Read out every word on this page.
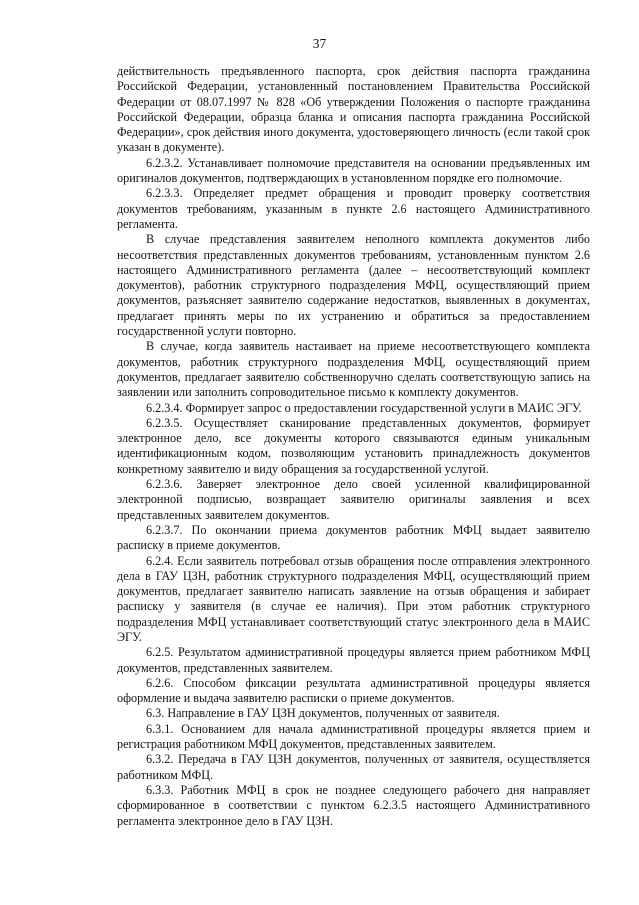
37

действительность предъявленного паспорта, срок действия паспорта гражданина Российской Федерации, установленный постановлением Правительства Российской Федерации от 08.07.1997 № 828 «Об утверждении Положения о паспорте гражданина Российской Федерации, образца бланка и описания паспорта гражданина Российской Федерации», срок действия иного документа, удостоверяющего личность (если такой срок указан в документе).

6.2.3.2. Устанавливает полномочие представителя на основании предъявленных им оригиналов документов, подтверждающих в установленном порядке его полномочие.

6.2.3.3. Определяет предмет обращения и проводит проверку соответствия документов требованиям, указанным в пункте 2.6 настоящего Административного регламента.

В случае представления заявителем неполного комплекта документов либо несоответствия представленных документов требованиям, установленным пунктом 2.6 настоящего Административного регламента (далее – несоответствующий комплект документов), работник структурного подразделения МФЦ, осуществляющий прием документов, разъясняет заявителю содержание недостатков, выявленных в документах, предлагает принять меры по их устранению и обратиться за предоставлением государственной услуги повторно.

В случае, когда заявитель настаивает на приеме несоответствующего комплекта документов, работник структурного подразделения МФЦ, осуществляющий прием документов, предлагает заявителю собственноручно сделать соответствующую запись на заявлении или заполнить сопроводительное письмо к комплекту документов.

6.2.3.4. Формирует запрос о предоставлении государственной услуги в МАИС ЭГУ.

6.2.3.5. Осуществляет сканирование представленных документов, формирует электронное дело, все документы которого связываются единым уникальным идентификационным кодом, позволяющим установить принадлежность документов конкретному заявителю и виду обращения за государственной услугой.

6.2.3.6. Заверяет электронное дело своей усиленной квалифицированной электронной подписью, возвращает заявителю оригиналы заявления и всех представленных заявителем документов.

6.2.3.7. По окончании приема документов работник МФЦ выдает заявителю расписку в приеме документов.

6.2.4. Если заявитель потребовал отзыв обращения после отправления электронного дела в ГАУ ЦЗН, работник структурного подразделения МФЦ, осуществляющий прием документов, предлагает заявителю написать заявление на отзыв обращения и забирает расписку у заявителя (в случае ее наличия). При этом работник структурного подразделения МФЦ устанавливает соответствующий статус электронного дела в МАИС ЭГУ.

6.2.5. Результатом административной процедуры является прием работником МФЦ документов, представленных заявителем.

6.2.6. Способом фиксации результата административной процедуры является оформление и выдача заявителю расписки о приеме документов.

6.3. Направление в ГАУ ЦЗН документов, полученных от заявителя.

6.3.1. Основанием для начала административной процедуры является прием и регистрация работником МФЦ документов, представленных заявителем.

6.3.2. Передача в ГАУ ЦЗН документов, полученных от заявителя, осуществляется работником МФЦ.

6.3.3. Работник МФЦ в срок не позднее следующего рабочего дня направляет сформированное в соответствии с пунктом 6.2.3.5 настоящего Административного регламента электронное дело в ГАУ ЦЗН.
